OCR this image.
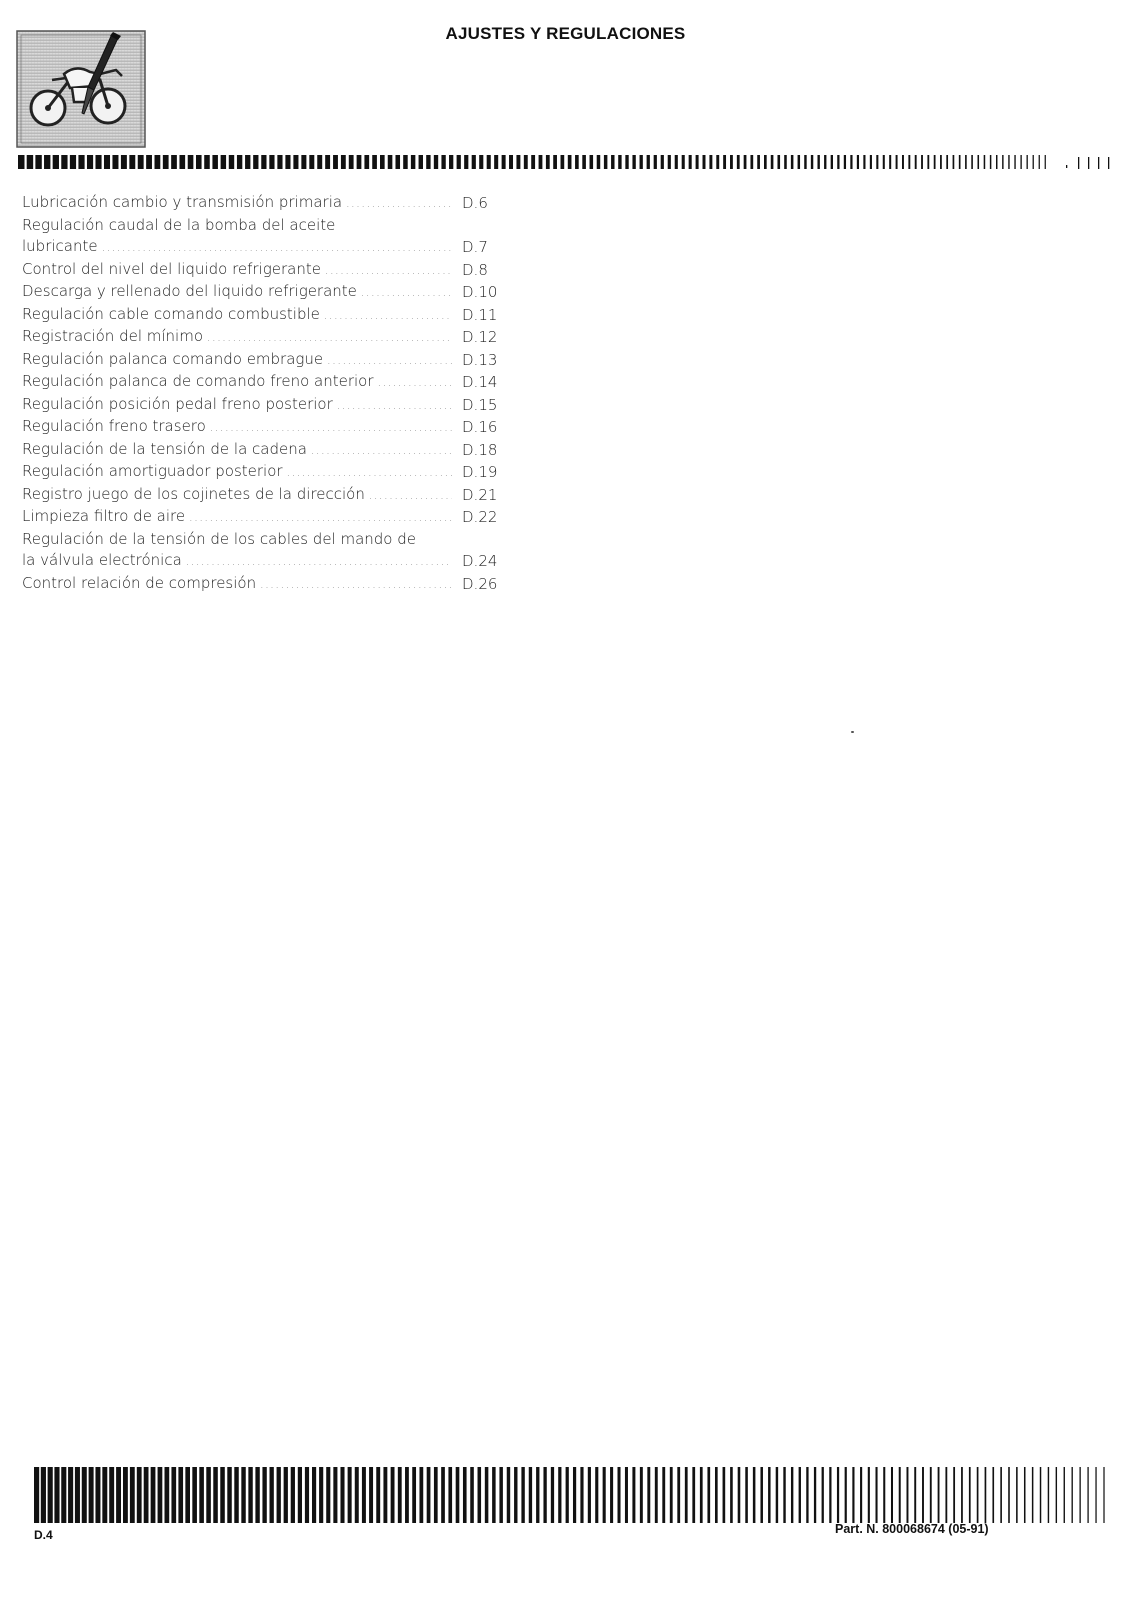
AJUSTES Y REGULACIONES
Lubricación cambio y transmisión primaria .....	D.6
Regulación caudal de la bomba del aceite
lubricante .....	D.7
Control del nivel del liquido refrigerante .....	D.8
Descarga y rellenado del liquido refrigerante .....	D.10
Regulación cable comando combustible .....	D.11
Registración del mínimo .....	D.12
Regulación palanca comando embrague .....	D.13
Regulación palanca de comando freno anterior .....	D.14
Regulación posición pedal freno posterior .....	D.15
Regulación freno trasero .....	D.16
Regulación de la tensión de la cadena .....	D.18
Regulación amortiguador posterior .....	D.19
Registro juego de los cojinetes de la dirección .....	D.21
Limpieza filtro de aire .....	D.22
Regulación de la tensión de los cables del mando de
la válvula electrónica .....	D.24
Control relación de compresión .....	D.26
D.4	Part. N. 800068674 (05-91)
